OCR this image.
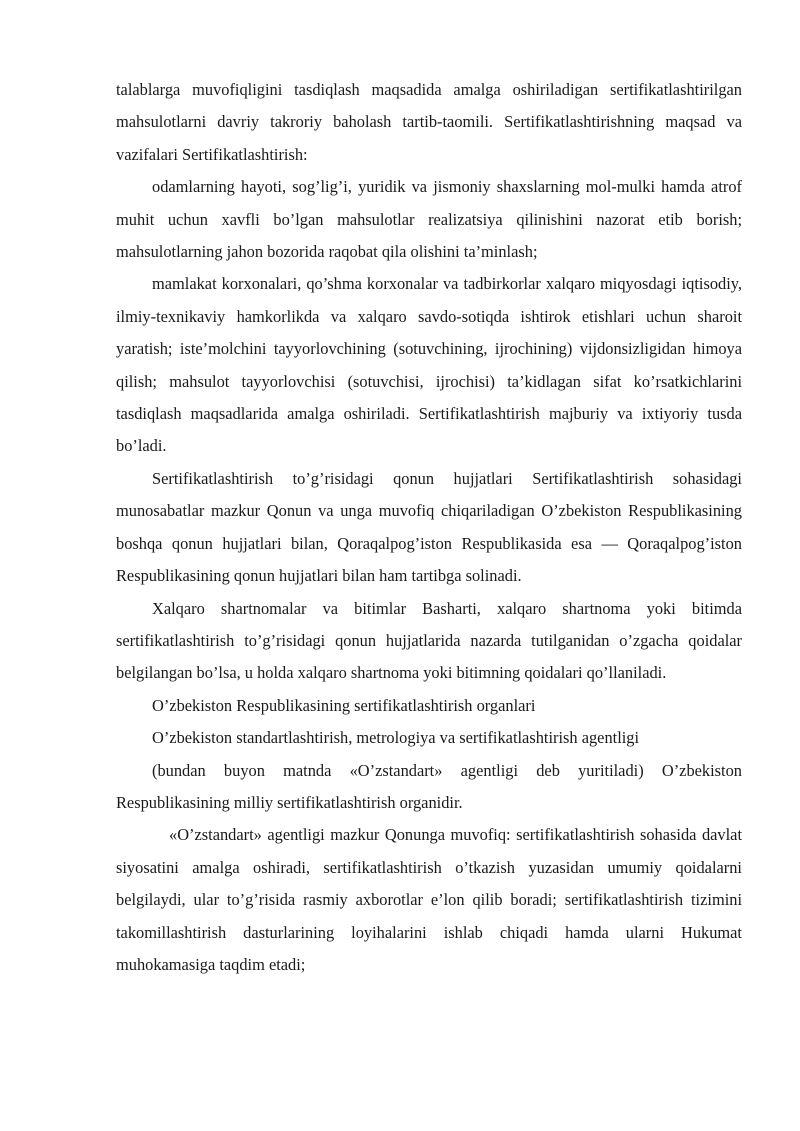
talablarga muvofiqligini tasdiqlash maqsadida amalga oshiriladigan sertifikatlashtirilgan mahsulotlarni davriy takroriy baholash tartib-taomili. Sertifikatlashtirishning maqsad va vazifalari Sertifikatlashtirish:

odamlarning hayoti, sog’lig’i, yuridik va jismoniy shaxslarning mol-mulki hamda atrof muhit uchun xavfli bo’lgan mahsulotlar realizatsiya qilinishini nazorat etib borish; mahsulotlarning jahon bozorida raqobat qila olishini ta’minlash;

mamlakat korxonalari, qo’shma korxonalar va tadbirkorlar xalqaro miqyosdagi iqtisodiy, ilmiy-texnikaviy hamkorlikda va xalqaro savdo-sotiqda ishtirok etishlari uchun sharoit yaratish; iste’molchini tayyorlovchining (sotuvchining, ijrochining) vijdonsizligidan himoya qilish; mahsulot tayyorlovchisi (sotuvchisi, ijrochisi) ta’kidlagan sifat ko’rsatkichlarini tasdiqlash maqsadlarida amalga oshiriladi. Sertifikatlashtirish majburiy va ixtiyoriy tusda bo’ladi.

Sertifikatlashtirish to’g’risidagi qonun hujjatlari Sertifikatlashtirish sohasidagi munosabatlar mazkur Qonun va unga muvofiq chiqariladigan O’zbekiston Respublikasining boshqa qonun hujjatlari bilan, Qoraqalpog’iston Respublikasida esa — Qoraqalpog’iston Respublikasining qonun hujjatlari bilan ham tartibga solinadi.

Xalqaro shartnomalar va bitimlar Basharti, xalqaro shartnoma yoki bitimda sertifikatlashtirish to’g’risidagi qonun hujjatlarida nazarda tutilganidan o’zgacha qoidalar belgilangan bo’lsa, u holda xalqaro shartnoma yoki bitimning qoidalari qo’llaniladi.

O’zbekiston Respublikasining sertifikatlashtirish organlari

O’zbekiston standartlashtirish, metrologiya va sertifikatlashtirish agentligi

(bundan buyon matnda «O’zstandart» agentligi deb yuritiladi) O’zbekiston Respublikasining milliy sertifikatlashtirish organidir.

«O’zstandart» agentligi mazkur Qonunga muvofiq: sertifikatlashtirish sohasida davlat siyosatini amalga oshiradi, sertifikatlashtirish o’tkazish yuzasidan umumiy qoidalarni belgilaydi, ular to’g’risida rasmiy axborotlar e’lon qilib boradi; sertifikatlashtirish tizimini takomillashtirish dasturlarining loyihalarini ishlab chiqadi hamda ularni Hukumat muhokamasiga taqdim etadi;
